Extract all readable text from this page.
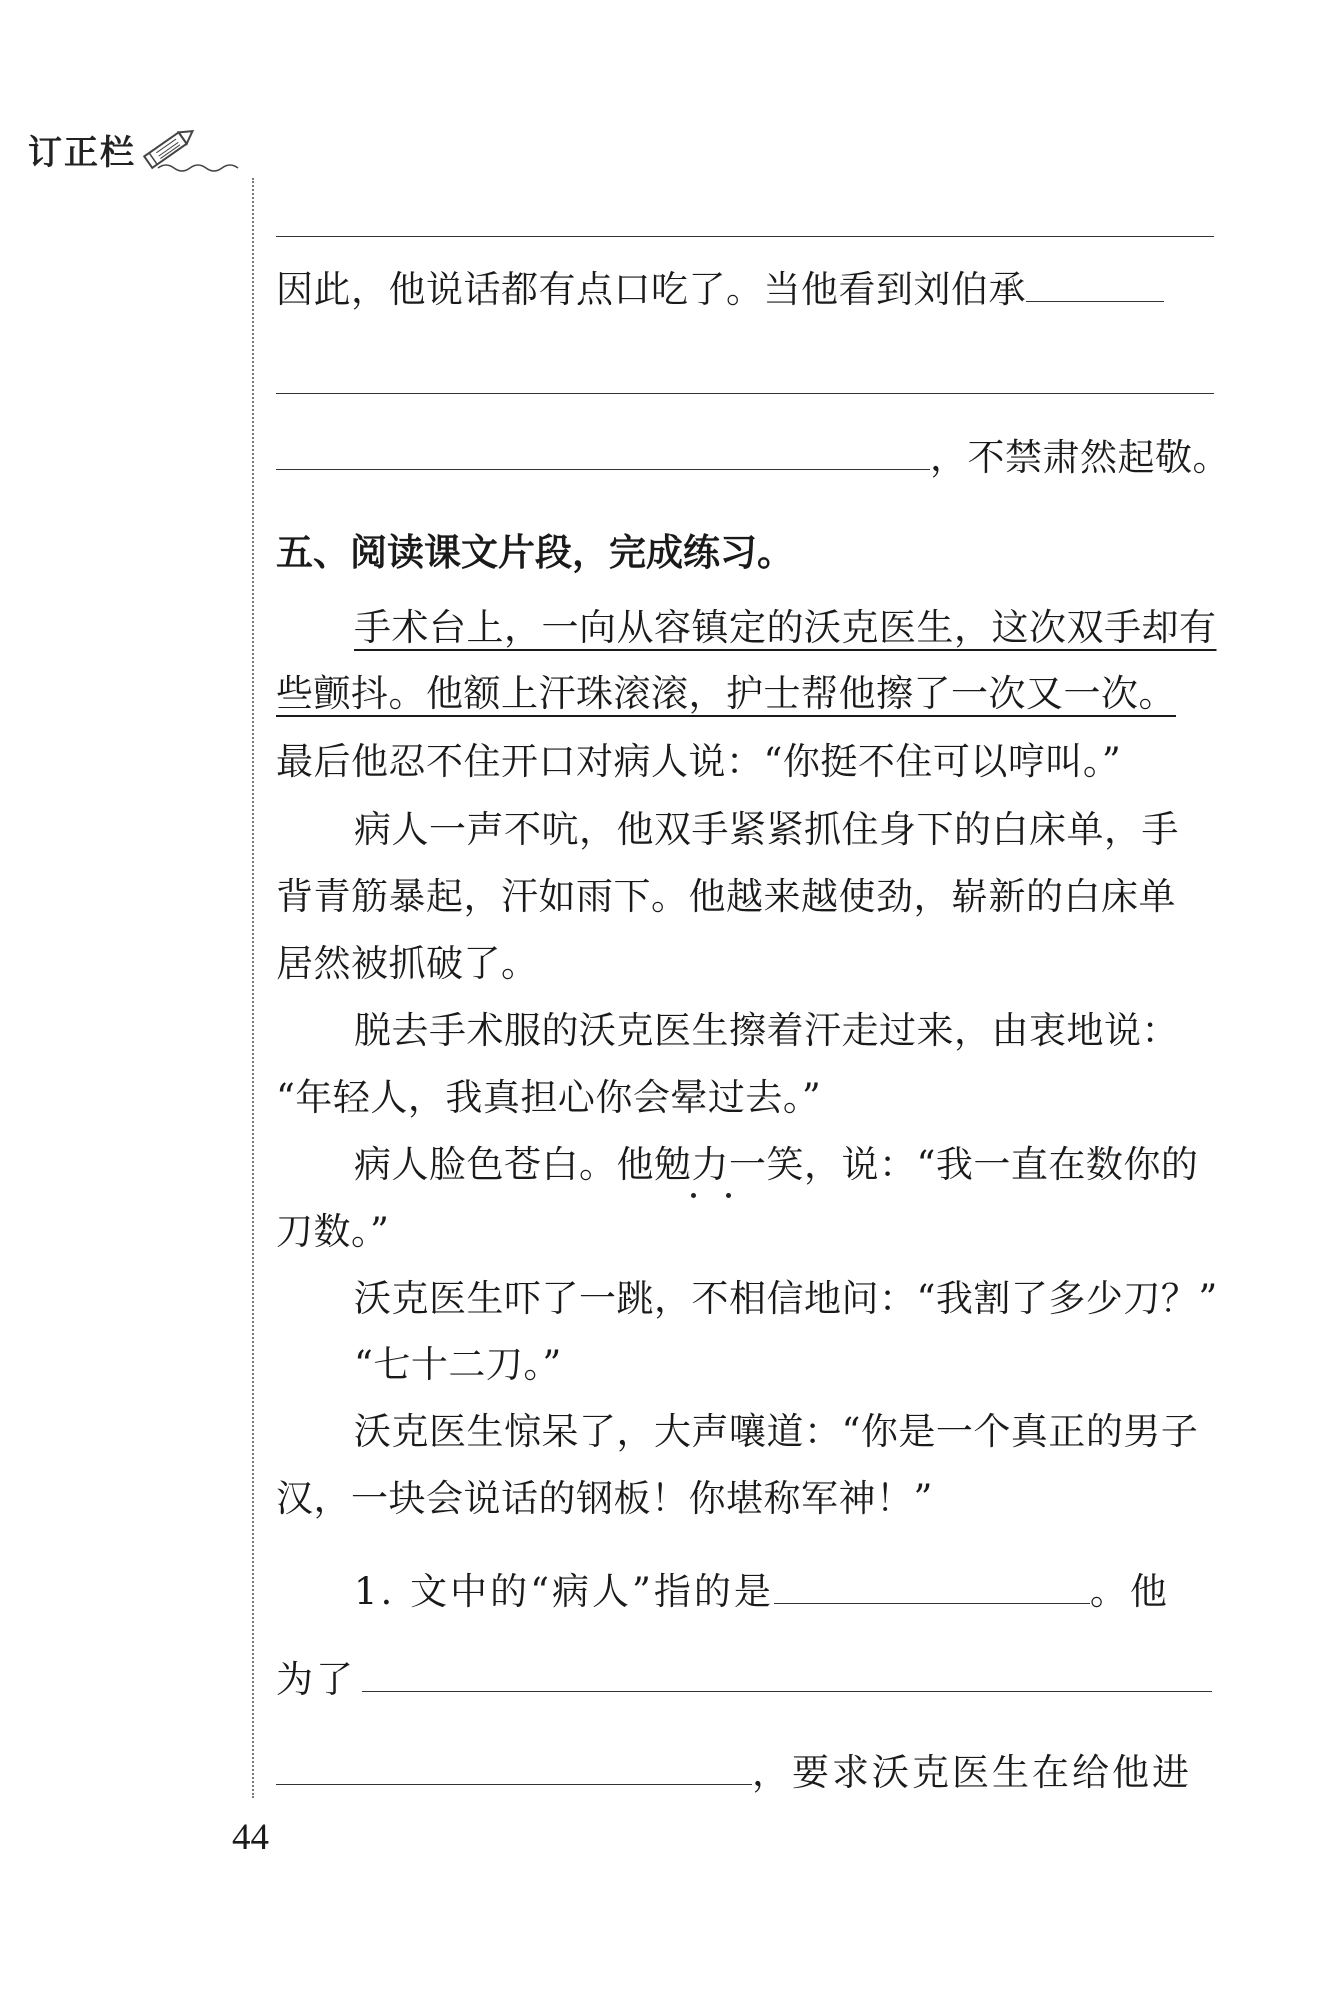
订正栏
因此，他说话都有点口吃了。当他看到刘伯承
，不禁肃然起敬。
五、阅读课文片段，完成练习。
手术台上，一向从容镇定的沃克医生，这次双手却有
些颤抖。他额上汗珠滚滚，护士帮他擦了一次又一次。
最后他忍不住开口对病人说：“你挺不住可以哼叫。”
病人一声不吭，他双手紧紧抓住身下的白床单，手
背青筋暴起，汗如雨下。他越来越使劲，崭新的白床单
居然被抓破了。
脱去手术服的沃克医生擦着汗走过来，由衷地说：
“年轻人，我真担心你会晕过去。”
病人脸色苍白。他勉力一笑，说：“我一直在数你的
刀数。”
沃克医生吓了一跳，不相信地问：“我割了多少刀？”
“七十二刀。”
沃克医生惊呆了，大声嚷道：“你是一个真正的男子
汉，一块会说话的钢板！你堪称军神！”
1. 文中的“病人”指的是	。他
为了
，要求沃克医生在给他进
44
